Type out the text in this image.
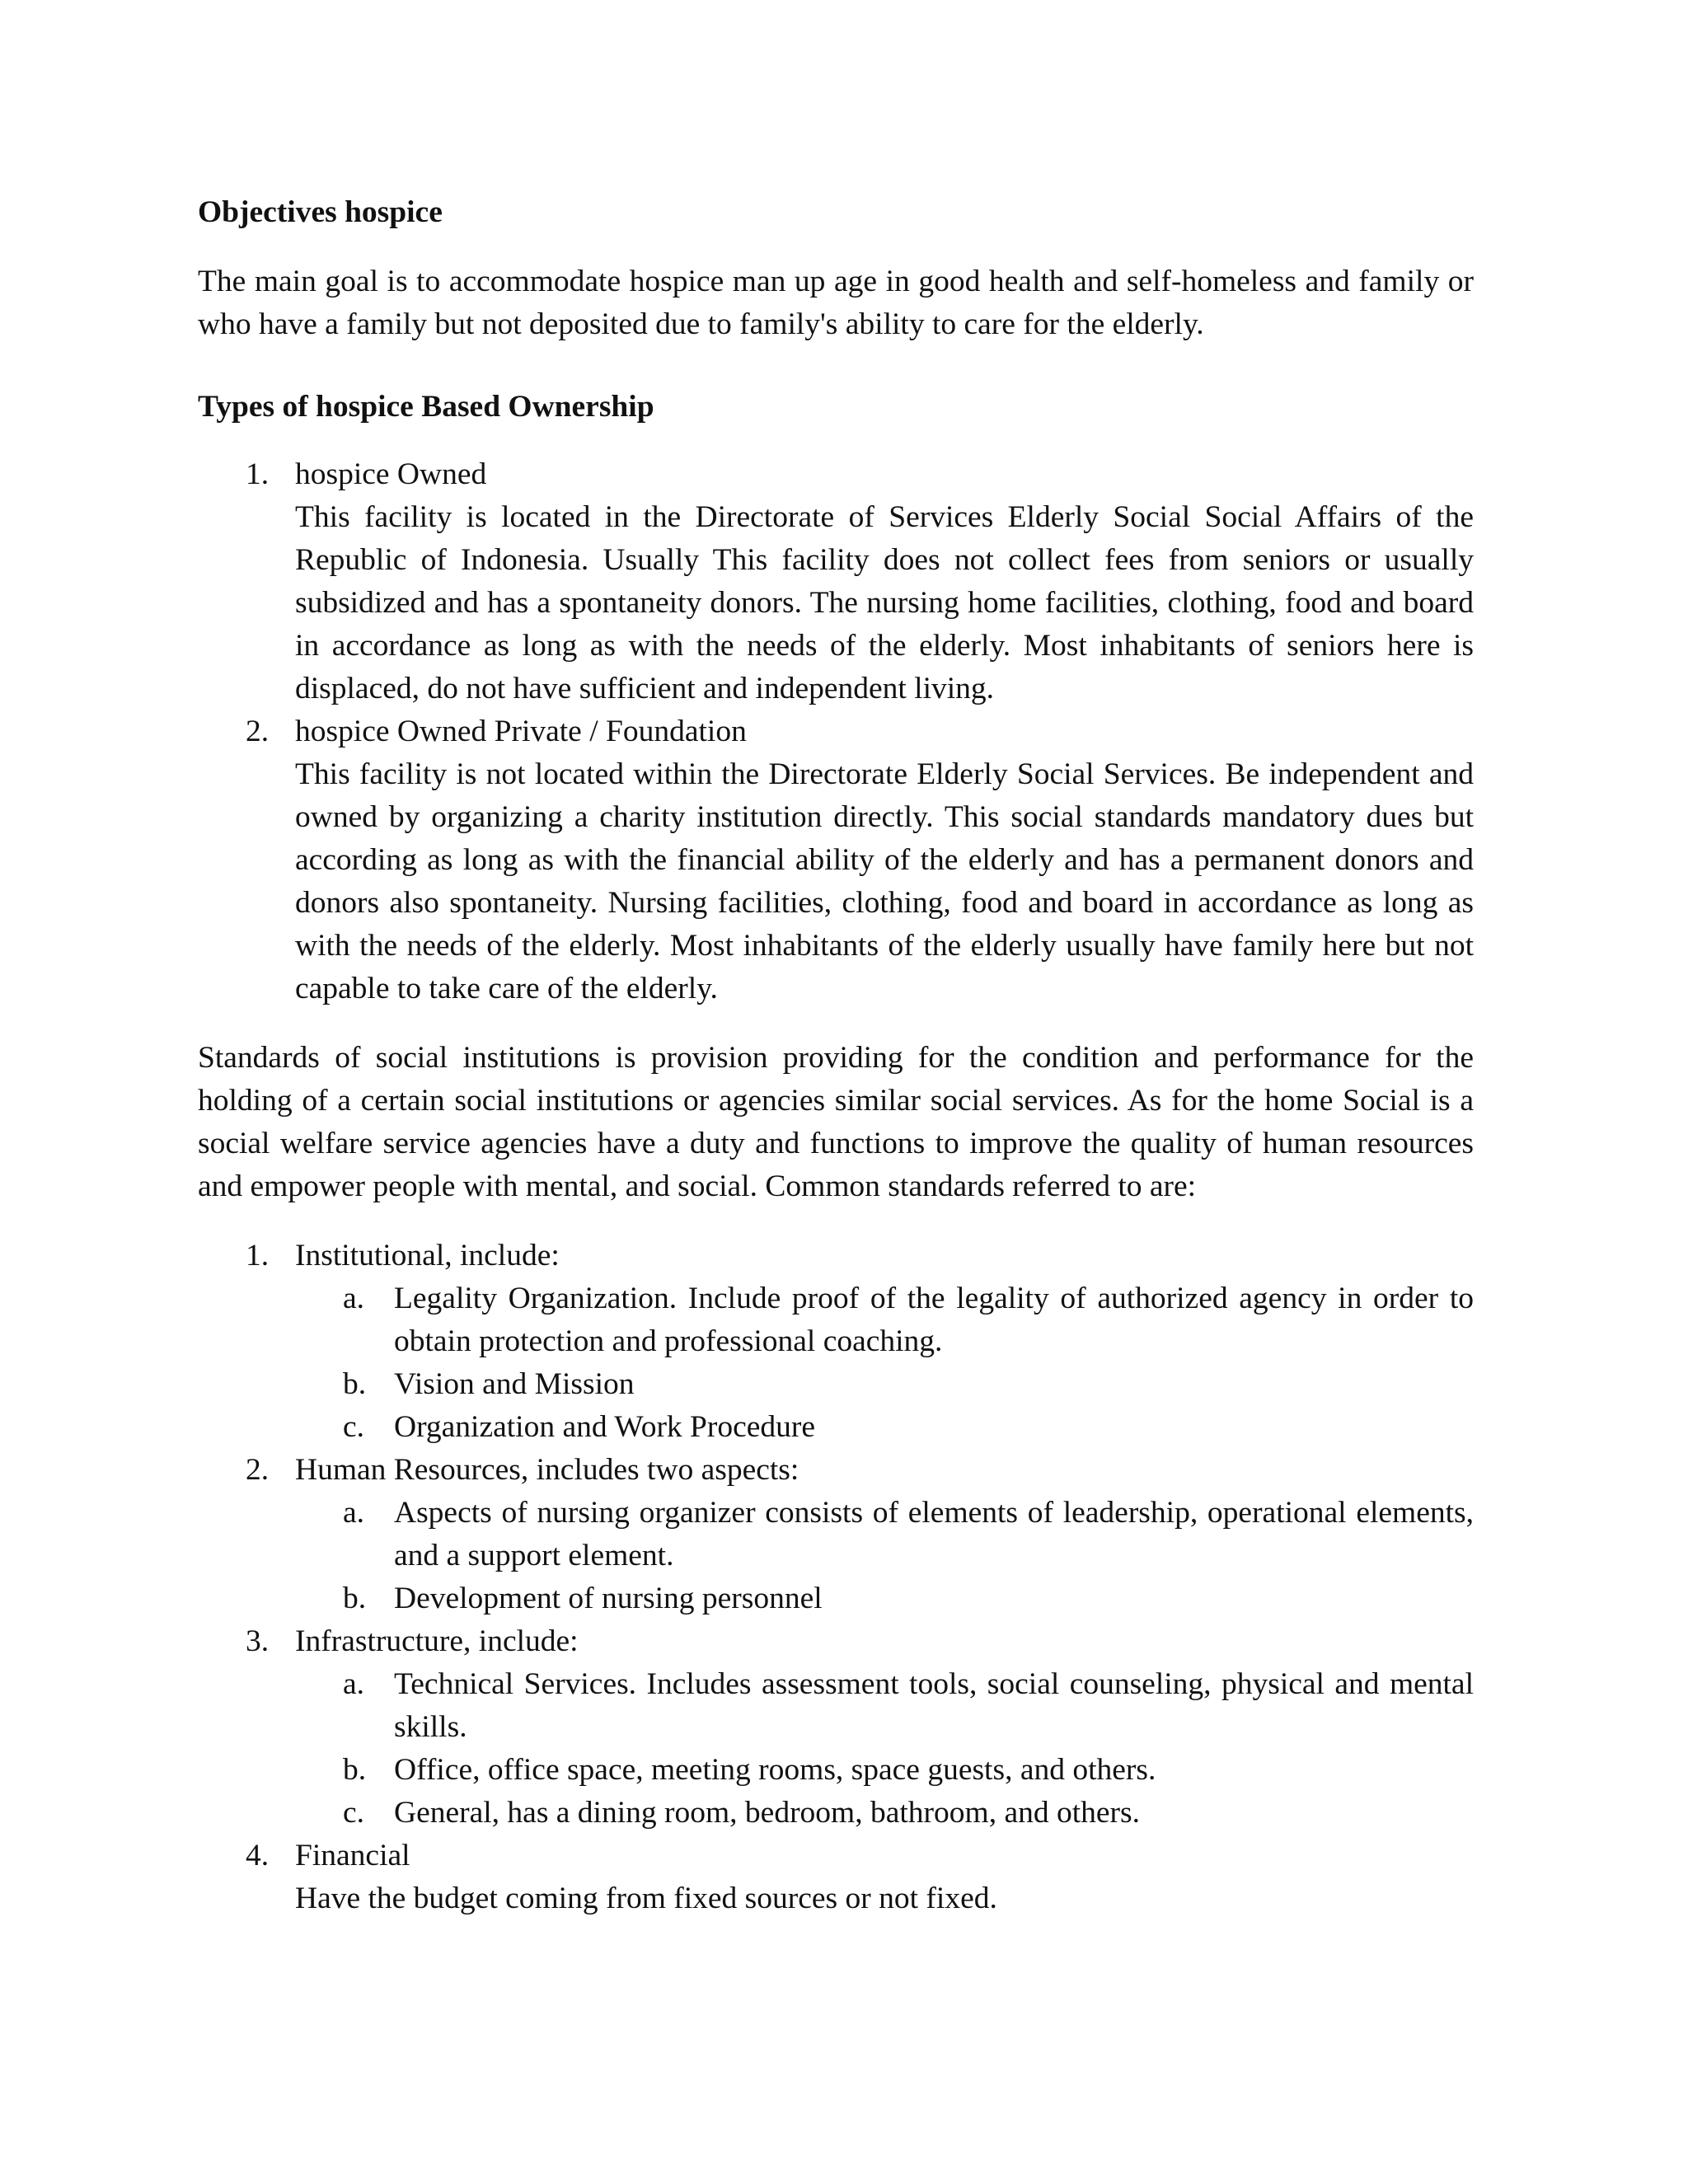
Objectives hospice
The main goal is to accommodate hospice man up age in good health and self-homeless and family or who have a family but not deposited due to family's ability to care for the elderly.
Types of hospice Based Ownership
1. hospice Owned
This facility is located in the Directorate of Services Elderly Social Social Affairs of the Republic of Indonesia. Usually This facility does not collect fees from seniors or usually subsidized and has a spontaneity donors. The nursing home facilities, clothing, food and board in accordance as long as with the needs of the elderly. Most inhabitants of seniors here is displaced, do not have sufficient and independent living.
2. hospice Owned Private / Foundation
This facility is not located within the Directorate Elderly Social Services. Be independent and owned by organizing a charity institution directly. This social standards mandatory dues but according as long as with the financial ability of the elderly and has a permanent donors and donors also spontaneity. Nursing facilities, clothing, food and board in accordance as long as with the needs of the elderly. Most inhabitants of the elderly usually have family here but not capable to take care of the elderly.
Standards of social institutions is provision providing for the condition and performance for the holding of a certain social institutions or agencies similar social services. As for the home Social is a social welfare service agencies have a duty and functions to improve the quality of human resources and empower people with mental, and social. Common standards referred to are:
1. Institutional, include:
a. Legality Organization. Include proof of the legality of authorized agency in order to obtain protection and professional coaching.
b. Vision and Mission
c. Organization and Work Procedure
2. Human Resources, includes two aspects:
a. Aspects of nursing organizer consists of elements of leadership, operational elements, and a support element.
b. Development of nursing personnel
3. Infrastructure, include:
a. Technical Services. Includes assessment tools, social counseling, physical and mental skills.
b. Office, office space, meeting rooms, space guests, and others.
c. General, has a dining room, bedroom, bathroom, and others.
4. Financial
Have the budget coming from fixed sources or not fixed.
